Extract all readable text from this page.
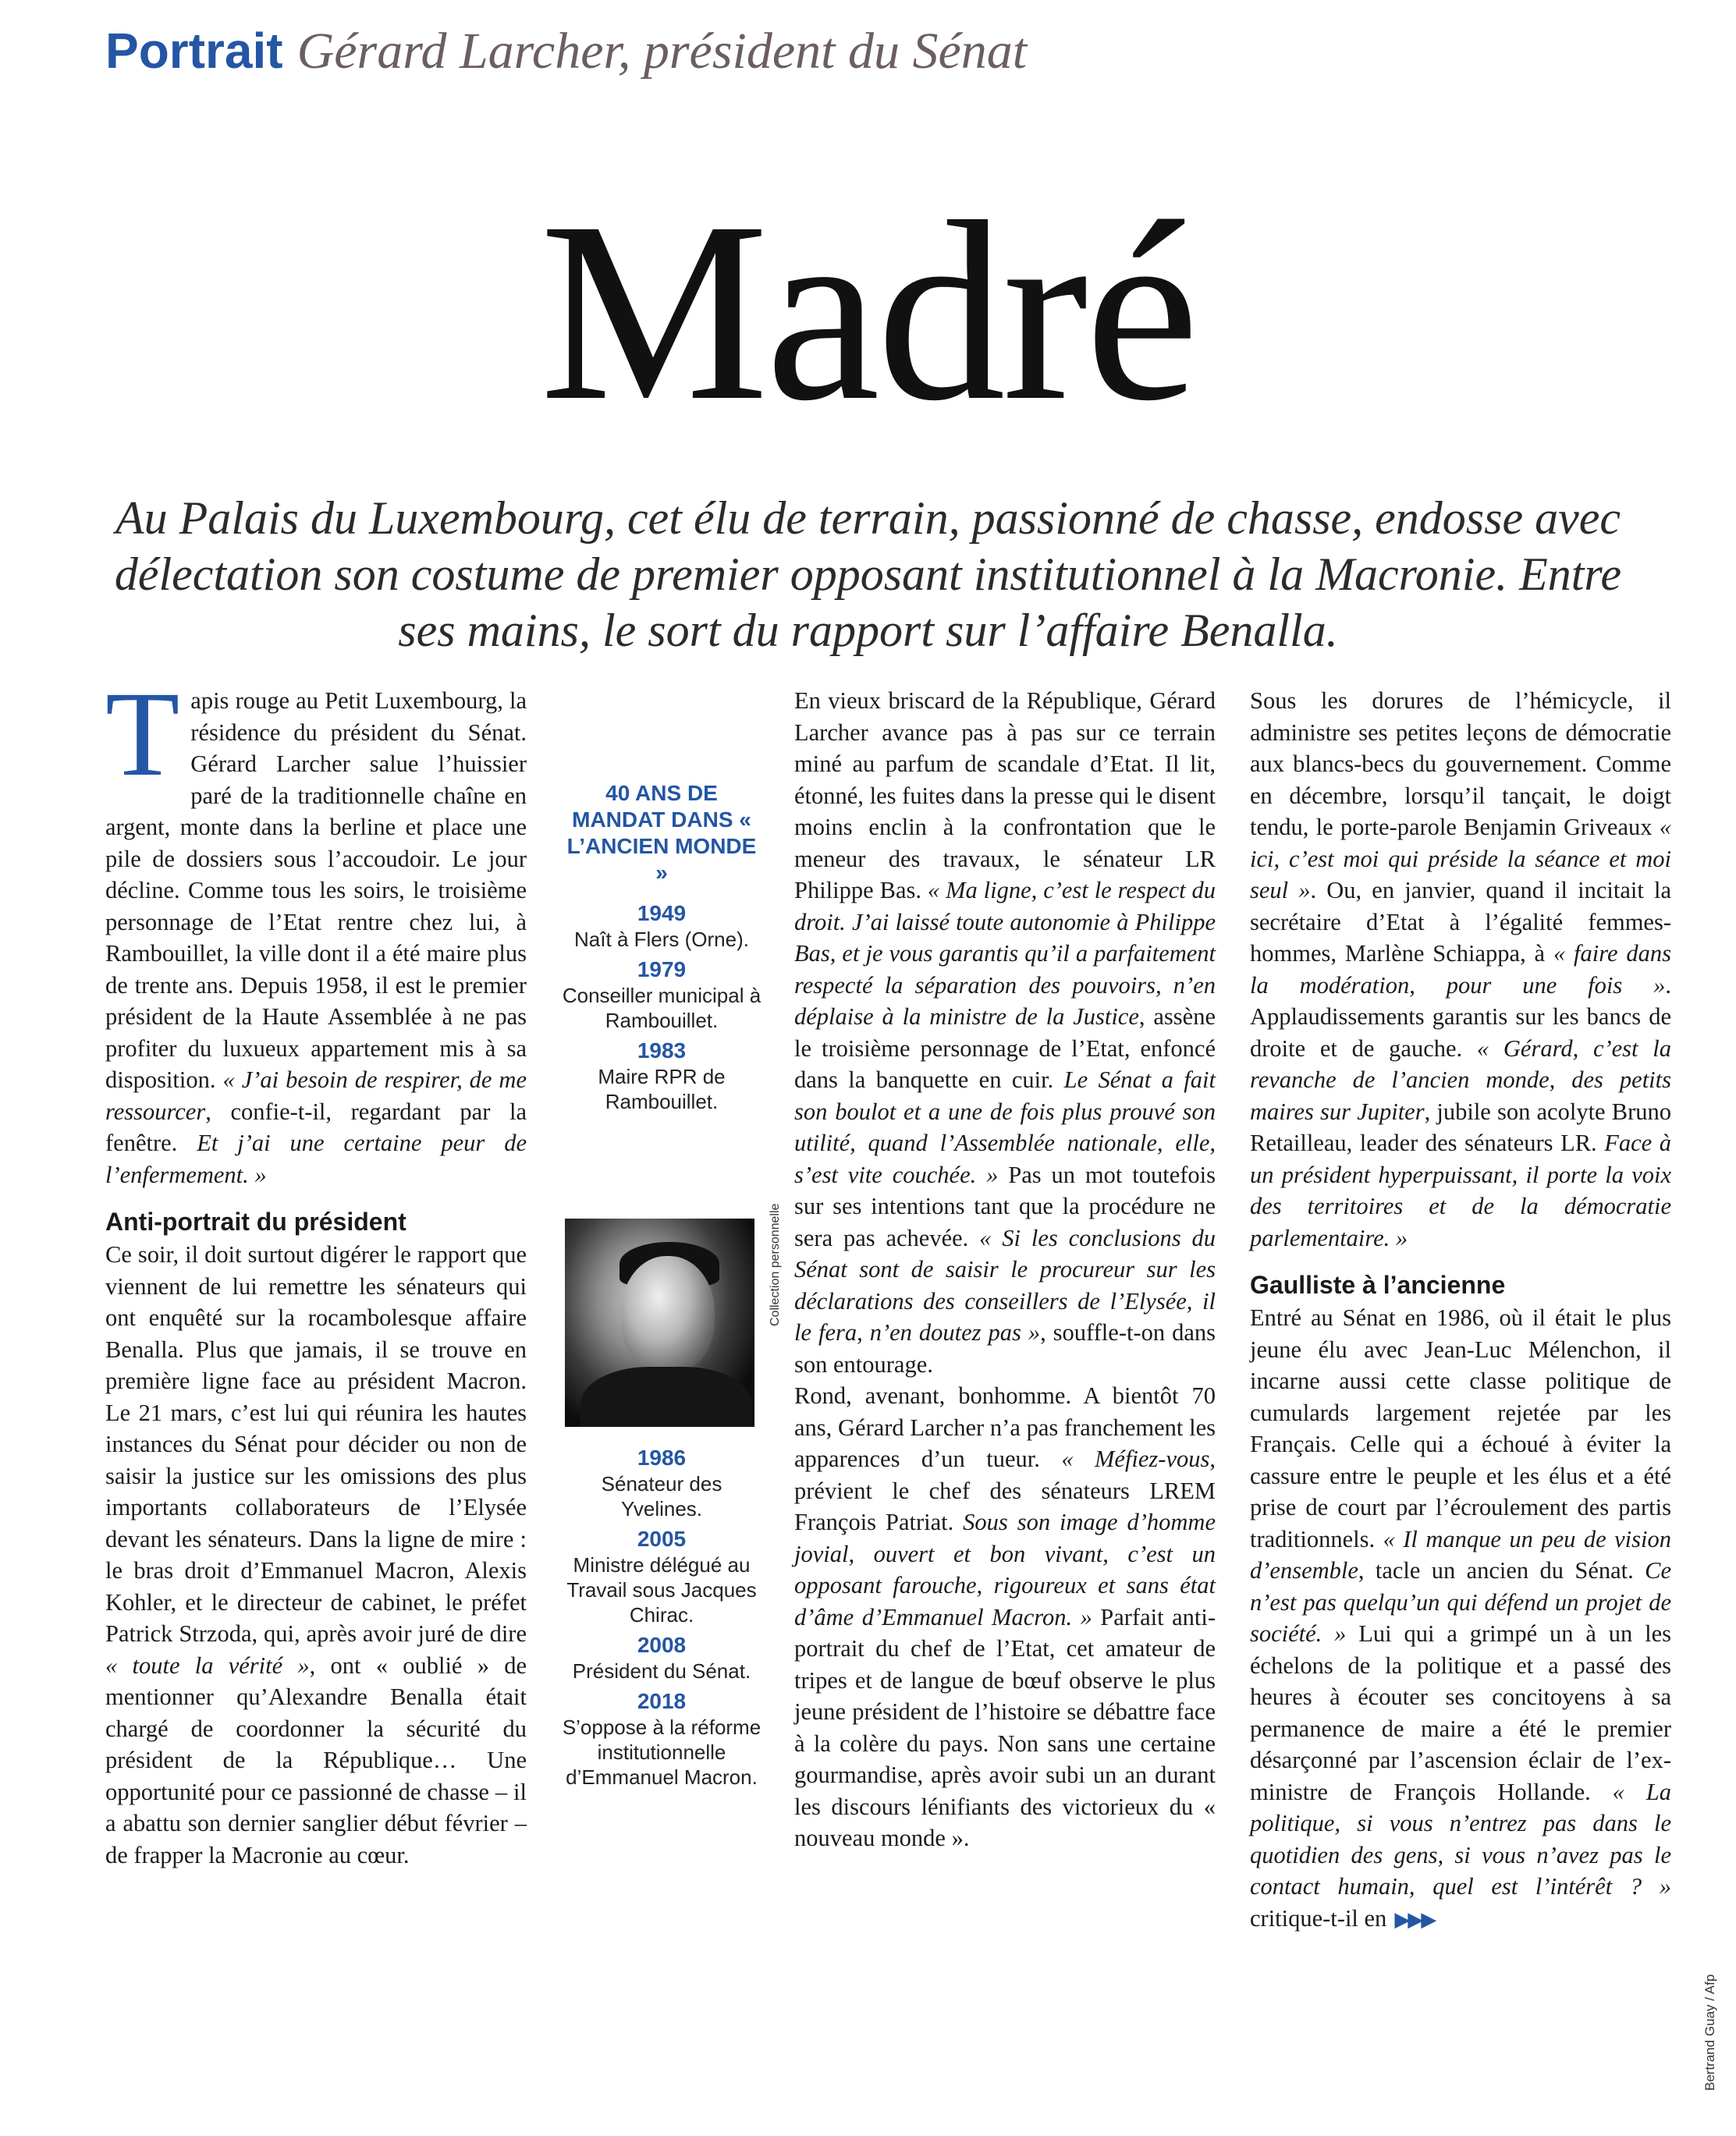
Portrait Gérard Larcher, président du Sénat
Madré
Au Palais du Luxembourg, cet élu de terrain, passionné de chasse, endosse avec délectation son costume de premier opposant institutionnel à la Macronie. Entre ses mains, le sort du rapport sur l’affaire Benalla.

Tapis rouge au Petit Luxembourg, la résidence du président du Sénat. Gérard Larcher salue l’huissier paré de la traditionnelle chaîne en argent, monte dans la berline et place une pile de dossiers sous l’accoudoir. Le jour décline. Comme tous les soirs, le troisième personnage de l’Etat rentre chez lui, à Rambouillet, la ville dont il a été maire plus de trente ans. Depuis 1958, il est le premier président de la Haute Assemblée à ne pas profiter du luxueux appartement mis à sa disposition. « J’ai besoin de respirer, de me ressourcer, confie-t-il, regardant par la fenêtre. Et j’ai une certaine peur de l’enfermement. »

Anti-portrait du président

Ce soir, il doit surtout digérer le rapport que viennent de lui remettre les sénateurs qui ont enquêté sur la rocambolesque affaire Benalla. Plus que jamais, il se trouve en première ligne face au président Macron. Le 21 mars, c’est lui qui réunira les hautes instances du Sénat pour décider ou non de saisir la justice sur les omissions des plus importants collaborateurs de l’Elysée devant les sénateurs. Dans la ligne de mire : le bras droit d’Emmanuel Macron, Alexis Kohler, et le directeur de cabinet, le préfet Patrick Strzoda, qui, après avoir juré de dire « toute la vérité », ont « oublié » de mentionner qu’Alexandre Benalla était chargé de coordonner la sécurité du président de la République… Une opportunité pour ce passionné de chasse – il a abattu son dernier sanglier début février – de frapper la Macronie au cœur.

40 ANS DE MANDAT DANS « L’ANCIEN MONDE »
1949
Naît à Flers (Orne).
1979
Conseiller municipal à Rambouillet.
1983
Maire RPR de Rambouillet.
Collection personnelle
1986
Sénateur des Yvelines.
2005
Ministre délégué au Travail sous Jacques Chirac.
2008
Président du Sénat.
2018
S’oppose à la réforme institutionnelle d’Emmanuel Macron.

En vieux briscard de la République, Gérard Larcher avance pas à pas sur ce terrain miné au parfum de scandale d’Etat. Il lit, étonné, les fuites dans la presse qui le disent moins enclin à la confrontation que le meneur des travaux, le sénateur LR Philippe Bas. « Ma ligne, c’est le respect du droit. J’ai laissé toute autonomie à Philippe Bas, et je vous garantis qu’il a parfaitement respecté la séparation des pouvoirs, n’en déplaise à la ministre de la Justice, assène le troisième personnage de l’Etat, enfoncé dans la banquette en cuir. Le Sénat a fait son boulot et a une de fois plus prouvé son utilité, quand l’Assemblée nationale, elle, s’est vite couchée. » Pas un mot toutefois sur ses intentions tant que la procédure ne sera pas achevée. « Si les conclusions du Sénat sont de saisir le procureur sur les déclarations des conseillers de l’Elysée, il le fera, n’en doutez pas », souffle-t-on dans son entourage.

Rond, avenant, bonhomme. A bientôt 70 ans, Gérard Larcher n’a pas franchement les apparences d’un tueur. « Méfiez-vous, prévient le chef des sénateurs LREM François Patriat. Sous son image d’homme jovial, ouvert et bon vivant, c’est un opposant farouche, rigoureux et sans état d’âme d’Emmanuel Macron. » Parfait anti-portrait du chef de l’Etat, cet amateur de tripes et de langue de bœuf observe le plus jeune président de l’histoire se débattre face à la colère du pays. Non sans une certaine gourmandise, après avoir subi un an durant les discours lénifiants des victorieux du « nouveau monde ».

Sous les dorures de l’hémicycle, il administre ses petites leçons de démocratie aux blancs-becs du gouvernement. Comme en décembre, lorsqu’il tançait, le doigt tendu, le porte-parole Benjamin Griveaux « ici, c’est moi qui préside la séance et moi seul ». Ou, en janvier, quand il incitait la secrétaire d’Etat à l’égalité femmes-hommes, Marlène Schiappa, à « faire dans la modération, pour une fois ». Applaudissements garantis sur les bancs de droite et de gauche. « Gérard, c’est la revanche de l’ancien monde, des petits maires sur Jupiter, jubile son acolyte Bruno Retailleau, leader des sénateurs LR. Face à un président hyperpuissant, il porte la voix des territoires et de la démocratie parlementaire. »

Gaulliste à l’ancienne

Entré au Sénat en 1986, où il était le plus jeune élu avec Jean-Luc Mélenchon, il incarne aussi cette classe politique de cumulards largement rejetée par les Français. Celle qui a échoué à éviter la cassure entre le peuple et les élus et a été prise de court par l’écroulement des partis traditionnels. « Il manque un peu de vision d’ensemble, tacle un ancien du Sénat. Ce n’est pas quelqu’un qui défend un projet de société. » Lui qui a grimpé un à un les échelons de la politique et a passé des heures à écouter ses concitoyens à sa permanence de maire a été le premier désarçonné par l’ascension éclair de l’ex-ministre de François Hollande. « La politique, si vous n’entrez pas dans le quotidien des gens, si vous n’avez pas le contact humain, quel est l’intérêt ? » critique-t-il en ▶▶▶

Bertrand Guay / Afp
